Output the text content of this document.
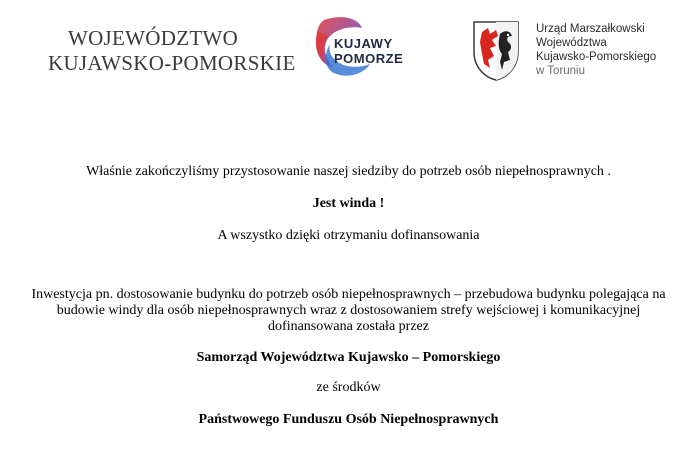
WOJEWÓDZTWO
KUJAWSKO-POMORSKIE
KUJAWY
POMORZE
Urząd Marszałkowski
Województwa
Kujawsko-Pomorskiego
w Toruniu

Właśnie zakończyliśmy przystosowanie naszej siedziby do potrzeb osób niepełnosprawnych .

Jest winda !

A wszystko dzięki otrzymaniu dofinansowania

Inwestycja pn. dostosowanie budynku do potrzeb osób niepełnosprawnych – przebudowa budynku polegająca na budowie windy dla osób niepełnosprawnych wraz z dostosowaniem strefy wejściowej i komunikacyjnej dofinansowana została przez

Samorząd Województwa Kujawsko – Pomorskiego

ze środków

Państwowego Funduszu Osób Niepełnosprawnych
